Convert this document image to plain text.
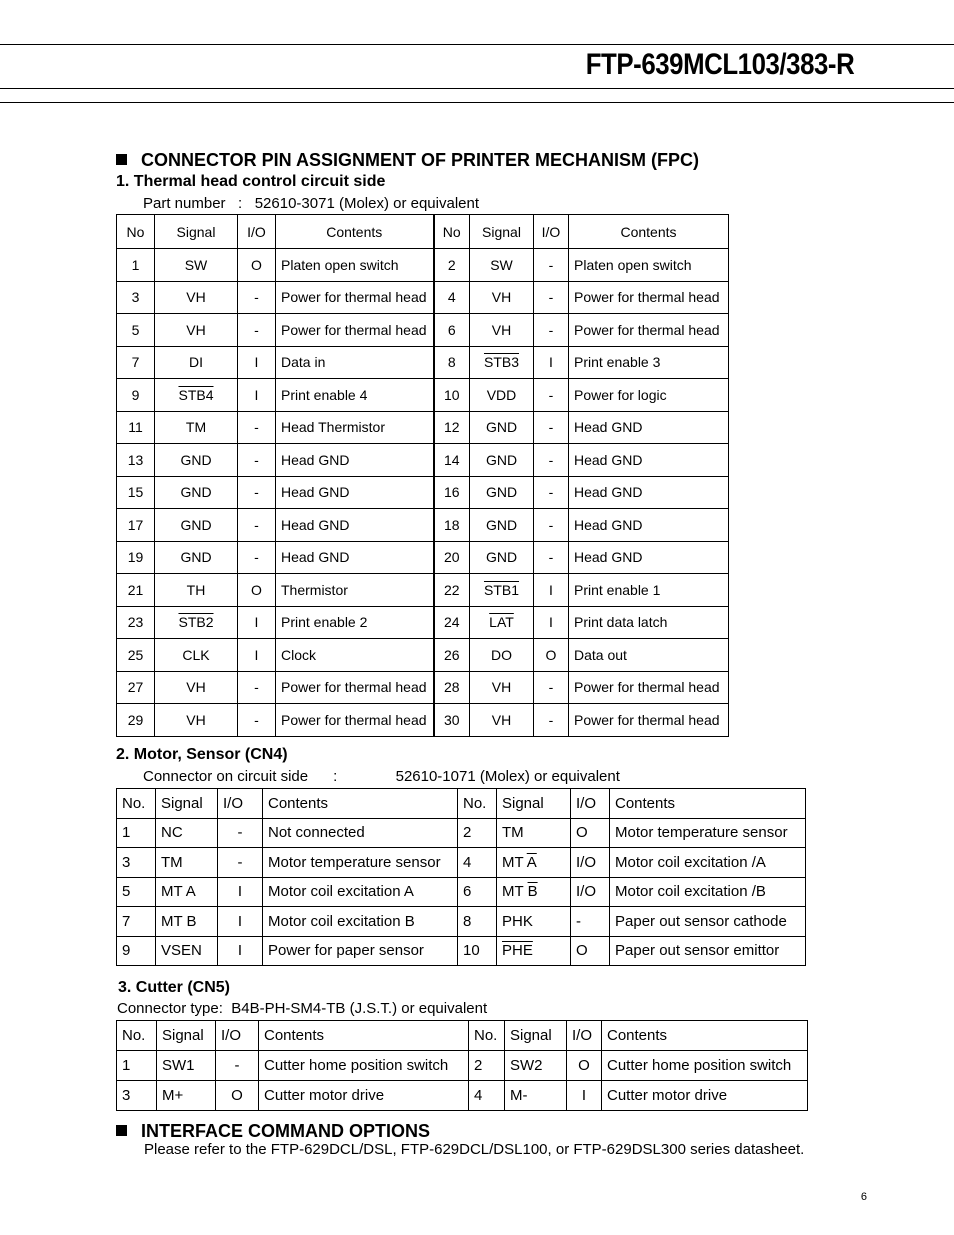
FTP-639MCL103/383-R
CONNECTOR PIN ASSIGNMENT OF PRINTER MECHANISM (FPC)
1. Thermal head control circuit side
Part number   :   52610-3071 (Molex) or equivalent
No	Signal	I/O	Contents	No	Signal	I/O	Contents
1	SW	O	Platen open switch	2	SW	-	Platen open switch
3	VH	-	Power for thermal head	4	VH	-	Power for thermal head
5	VH	-	Power for thermal head	6	VH	-	Power for thermal head
7	DI	I	Data in	8	STB3	I	Print enable 3
9	STB4	I	Print enable 4	10	VDD	-	Power for logic
11	TM	-	Head Thermistor	12	GND	-	Head GND
13	GND	-	Head GND	14	GND	-	Head GND
15	GND	-	Head GND	16	GND	-	Head GND
17	GND	-	Head GND	18	GND	-	Head GND
19	GND	-	Head GND	20	GND	-	Head GND
21	TH	O	Thermistor	22	STB1	I	Print enable 1
23	STB2	I	Print enable 2	24	$\overline{LAT}$	I	Print data latch
25	CLK	I	Clock	26	DO	O	Data out
27	VH	-	Power for thermal head	28	VH	-	Power for thermal head
29	VH	-	Power for thermal head	30	VH	-	Power for thermal head
2. Motor, Sensor (CN4)
Connector on circuit side      :              52610-1071 (Molex) or equivalent
No.	Signal	I/O	Contents	No.	Signal	I/O	Contents
1	NC	-	Not connected	2	TM	O	Motor temperature sensor
3	TM	-	Motor temperature sensor	4	MT $\overline{A}$	I/O	Motor coil excitation /A
5	MT A	I	Motor coil excitation A	6	MT $\overline{B}$	I/O	Motor coil excitation /B
7	MT B	I	Motor coil excitation B	8	PHK	-	Paper out sensor cathode
9	VSEN	I	Power for paper sensor	10	$\overline{PHE}$	O	Paper out sensor emittor
3. Cutter (CN5)
Connector type:  B4B-PH-SM4-TB (J.S.T.) or equivalent
No.	Signal	I/O	Contents	No.	Signal	I/O	Contents
1	SW1	-	Cutter home position switch	2	SW2	O	Cutter home position switch
3	M+	O	Cutter motor drive	4	M-	I	Cutter motor drive
INTERFACE COMMAND OPTIONS
Please refer to the FTP-629DCL/DSL, FTP-629DCL/DSL100, or FTP-629DSL300 series datasheet.
6
